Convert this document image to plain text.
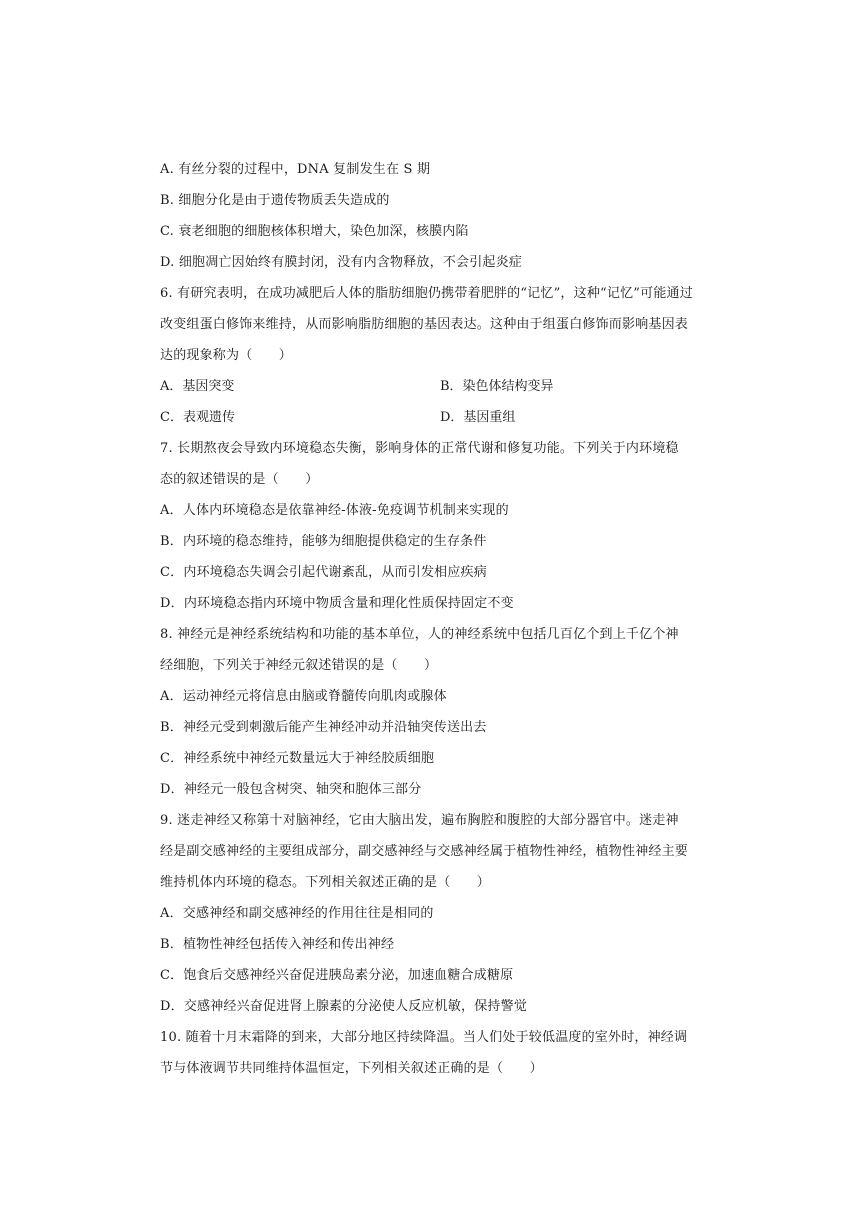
A. 有丝分裂的过程中，DNA 复制发生在 S 期
B. 细胞分化是由于遗传物质丢失造成的
C. 衰老细胞的细胞核体积增大，染色加深，核膜内陷
D. 细胞凋亡因始终有膜封闭，没有内含物释放，不会引起炎症
6. 有研究表明，在成功减肥后人体的脂肪细胞仍携带着肥胖的“记忆”，这种“记忆”可能通过
改变组蛋白修饰来维持，从而影响脂肪细胞的基因表达。这种由于组蛋白修饰而影响基因表
达的现象称为（　　）
A．基因突变	B．染色体结构变异
C．表观遗传	D．基因重组
7. 长期熬夜会导致内环境稳态失衡，影响身体的正常代谢和修复功能。下列关于内环境稳
态的叙述错误的是（　　）
A．人体内环境稳态是依靠神经-体液-免疫调节机制来实现的
B．内环境的稳态维持，能够为细胞提供稳定的生存条件
C．内环境稳态失调会引起代谢紊乱，从而引发相应疾病
D．内环境稳态指内环境中物质含量和理化性质保持固定不变
8. 神经元是神经系统结构和功能的基本单位，人的神经系统中包括几百亿个到上千亿个神
经细胞，下列关于神经元叙述错误的是（　　）
A．运动神经元将信息由脑或脊髓传向肌肉或腺体
B．神经元受到刺激后能产生神经冲动并沿轴突传送出去
C．神经系统中神经元数量远大于神经胶质细胞
D．神经元一般包含树突、轴突和胞体三部分
9. 迷走神经又称第十对脑神经，它由大脑出发，遍布胸腔和腹腔的大部分器官中。迷走神
经是副交感神经的主要组成部分，副交感神经与交感神经属于植物性神经，植物性神经主要
维持机体内环境的稳态。下列相关叙述正确的是（　　）
A．交感神经和副交感神经的作用往往是相同的
B．植物性神经包括传入神经和传出神经
C．饱食后交感神经兴奋促进胰岛素分泌，加速血糖合成糖原
D．交感神经兴奋促进肾上腺素的分泌使人反应机敏，保持警觉
10. 随着十月末霜降的到来，大部分地区持续降温。当人们处于较低温度的室外时，神经调
节与体液调节共同维持体温恒定，下列相关叙述正确的是（　　）
